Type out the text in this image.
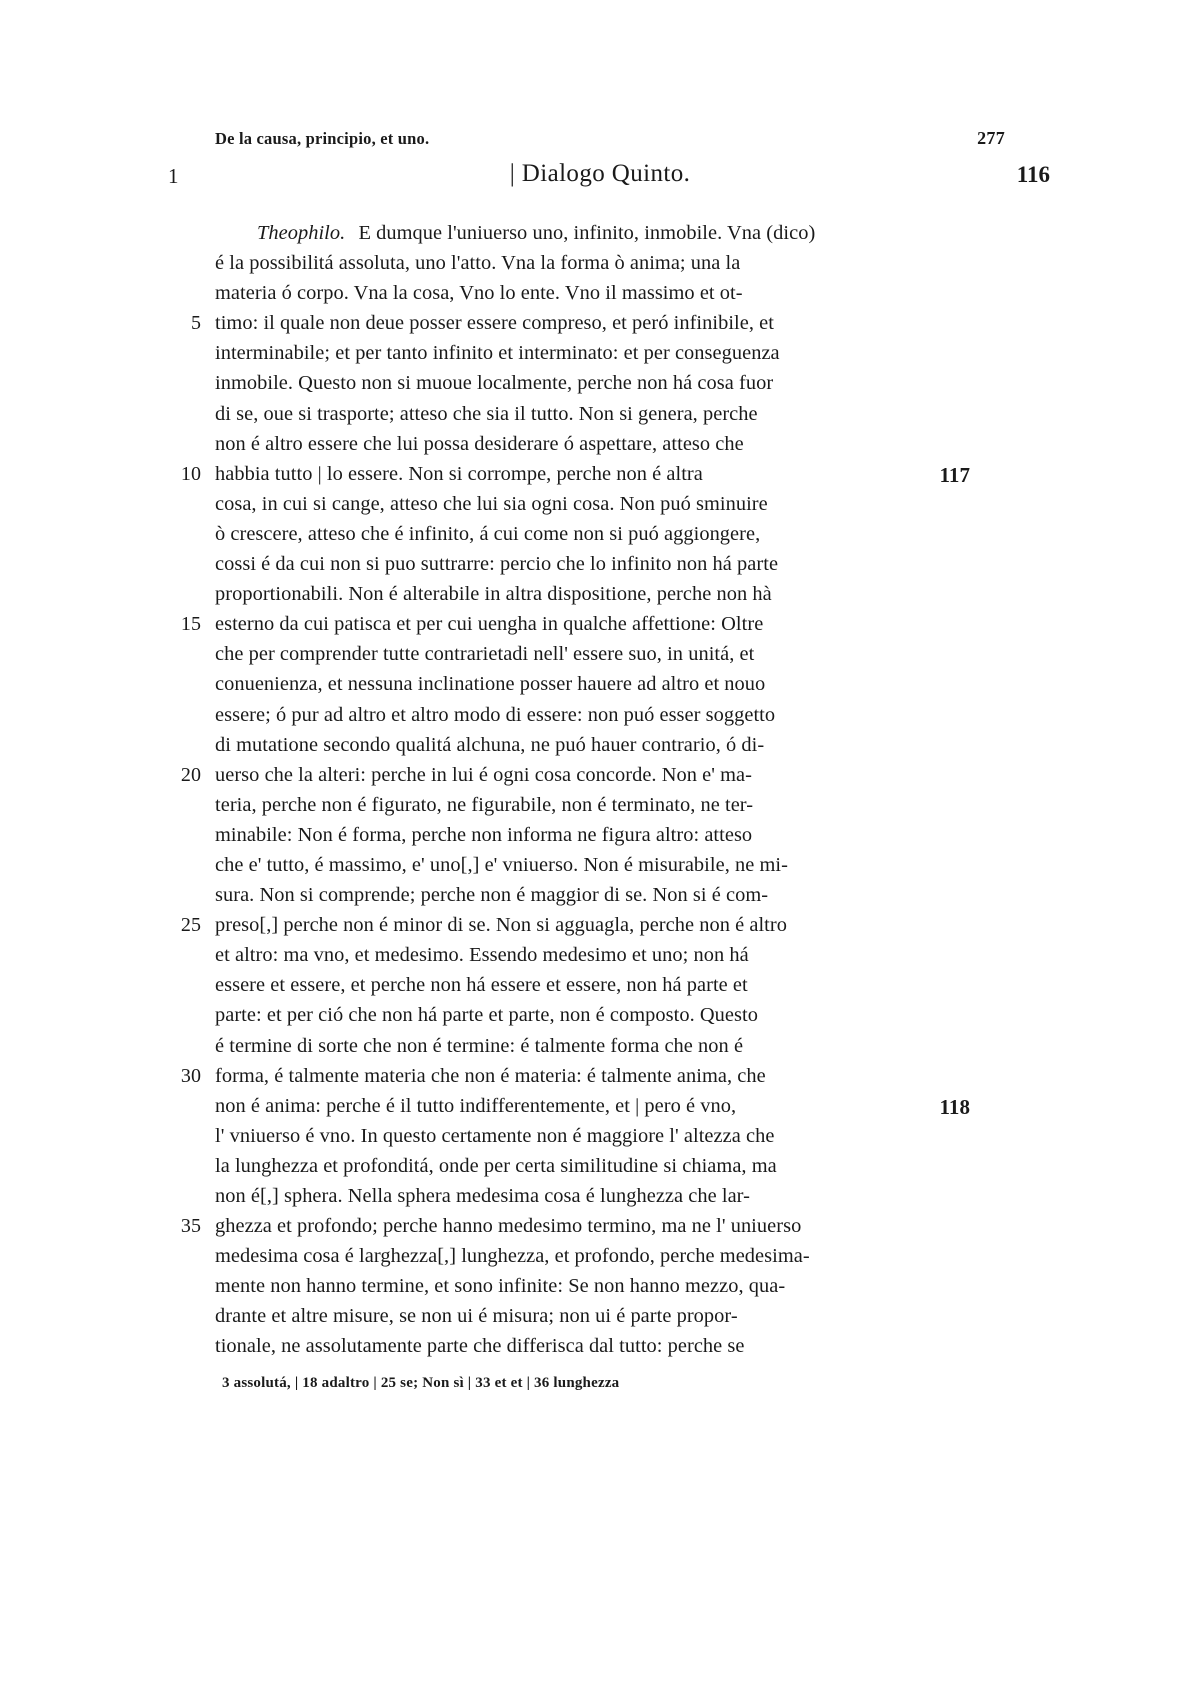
De la causa, principio, et uno.	277
1	| Dialogo Quinto.	116
Theophilo. E dumque l'uniuerso uno, infinito, inmobile. Vna (dico)
é la possibilitá assoluta, uno l'atto. Vna la forma ò anima; una la
materia ó corpo. Vna la cosa, Vno lo ente. Vno il massimo et ot-
5 timo: il quale non deue posser essere compreso, et peró infinibile, et
interminabile; et per tanto infinito et interminato: et per conseguenza
inmobile. Questo non si muoue localmente, perche non há cosa fuor
di se, oue si trasporte; atteso che sia il tutto. Non si genera, perche
non é altro essere che lui possa desiderare ó aspettare, atteso che
10 habbia tutto | lo essere. Non si corrompe, perche non é altra	117
cosa, in cui si cange, atteso che lui sia ogni cosa. Non puó sminuire
ò crescere, atteso che é infinito, á cui come non si puó aggiongere,
cossi é da cui non si puo suttrarre: percio che lo infinito non há parte
proportionabili. Non é alterabile in altra dispositione, perche non hà
15 esterno da cui patisca et per cui uengha in qualche affettione: Oltre
che per comprender tutte contrarietadi nell' essere suo, in unitá, et
conuenienza, et nessuna inclinatione posser hauere ad altro et nouo
essere; ó pur ad altro et altro modo di essere: non puó esser soggetto
di mutatione secondo qualitá alchuna, ne puó hauer contrario, ó di-
20 uerso che la alteri: perche in lui é ogni cosa concorde. Non e' ma-
teria, perche non é figurato, ne figurabile, non é terminato, ne ter-
minabile: Non é forma, perche non informa ne figura altro: atteso
che e' tutto, é massimo, e' uno[,] e' vniuerso. Non é misurabile, ne mi-
sura. Non si comprende; perche non é maggior di se. Non si é com-
25 preso[,] perche non é minor di se. Non si agguagla, perche non é altro
et altro: ma vno, et medesimo. Essendo medesimo et uno; non há
essere et essere, et perche non há essere et essere, non há parte et
parte: et per ció che non há parte et parte, non é composto. Questo
é termine di sorte che non é termine: é talmente forma che non é
30 forma, é talmente materia che non é materia: é talmente anima, che
non é anima: perche é il tutto indifferentemente, et | pero é vno,	118
l' vniuerso é vno. In questo certamente non é maggiore l' altezza che
la lunghezza et profonditá, onde per certa similitudine si chiama, ma
non é[,] sphera. Nella sphera medesima cosa é lunghezza che lar-
35 ghezza et profondo; perche hanno medesimo termino, ma ne l' uniuerso
medesima cosa é larghezza[,] lunghezza, et profondo, perche medesima-
mente non hanno termine, et sono infinite: Se non hanno mezzo, qua-
drante et altre misure, se non ui é misura; non ui é parte propor-
tionale, ne assolutamente parte che differisca dal tutto: perche se
3 assolutá, | 18 adaltro | 25 se; Non sì | 33 et et | 36 lunghezza
